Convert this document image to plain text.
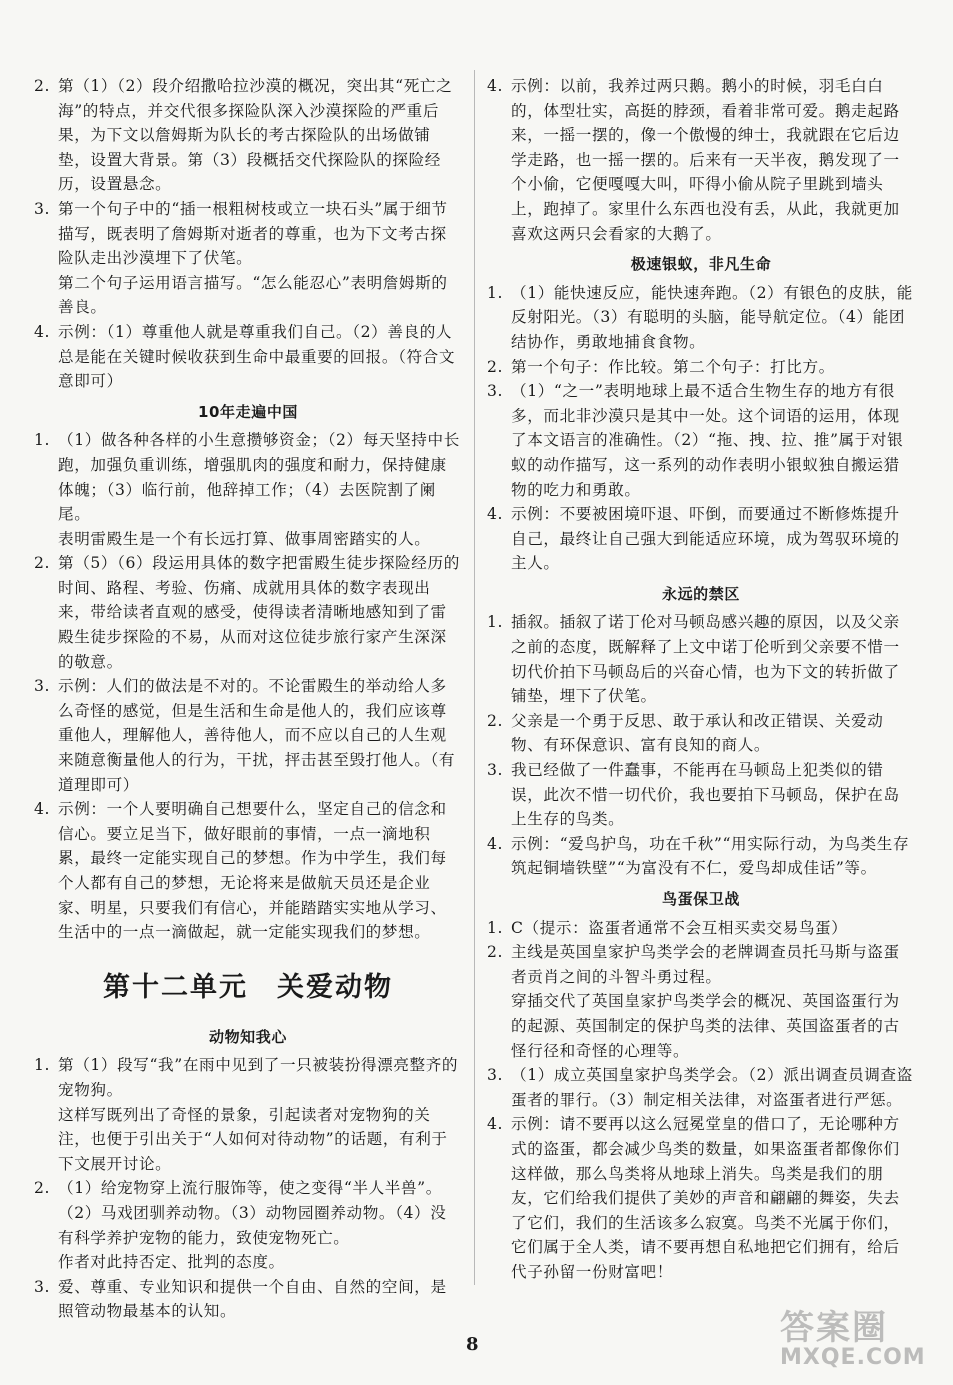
2. 第（1）（2）段介绍撒哈拉沙漠的概况，突出其“死亡之海”的特点，并交代很多探险队深入沙漠探险的严重后果，为下文以詹姆斯为队长的考古探险队的出场做铺垫，设置大背景。第（3）段概括交代探险队的探险经历，设置悬念。

3. 第一个句子中的“插一根粗树枝或立一块石头”属于细节描写，既表明了詹姆斯对逝者的尊重，也为下文考古探险队走出沙漠埋下了伏笔。

第二个句子运用语言描写。“怎么能忍心”表明詹姆斯的善良。

4. 示例：（1）尊重他人就是尊重我们自己。（2）善良的人总是能在关键时候收获到生命中最重要的回报。（符合文意即可）

10年走遍中国

1. （1）做各种各样的小生意攒够资金；（2）每天坚持中长跑，加强负重训练，增强肌肉的强度和耐力，保持健康体魄；（3）临行前，他辞掉工作；（4）去医院割了阑尾。

表明雷殿生是一个有长远打算、做事周密踏实的人。

2. 第（5）（6）段运用具体的数字把雷殿生徒步探险经历的时间、路程、考验、伤痛、成就用具体的数字表现出来，带给读者直观的感受，使得读者清晰地感知到了雷殿生徒步探险的不易，从而对这位徒步旅行家产生深深的敬意。

3. 示例：人们的做法是不对的。不论雷殿生的举动给人多么奇怪的感觉，但是生活和生命是他人的，我们应该尊重他人，理解他人，善待他人，而不应以自己的人生观来随意衡量他人的行为，干扰，抨击甚至毁打他人。（有道理即可）

4. 示例：一个人要明确自己想要什么，坚定自己的信念和信心。要立足当下，做好眼前的事情，一点一滴地积累，最终一定能实现自己的梦想。作为中学生，我们每个人都有自己的梦想，无论将来是做航天员还是企业家、明星，只要我们有信心，并能踏踏实实地从学习、生活中的一点一滴做起，就一定能实现我们的梦想。

第十二单元　关爱动物
动物知我心

1. 第（1）段写“我”在雨中见到了一只被装扮得漂亮整齐的宠物狗。

这样写既列出了奇怪的景象，引起读者对宠物狗的关注，也便于引出关于“人如何对待动物”的话题，有利于下文展开讨论。

2. （1）给宠物穿上流行服饰等，使之变得“半人半兽”。（2）马戏团驯养动物。（3）动物园圈养动物。（4）没有科学养护宠物的能力，致使宠物死亡。

作者对此持否定、批判的态度。

3. 爱、尊重、专业知识和提供一个自由、自然的空间，是照管动物最基本的认知。

4. 示例：以前，我养过两只鹅。鹅小的时候，羽毛白白的，体型壮实，高挺的脖颈，看着非常可爱。鹅走起路来，一摇一摆的，像一个傲慢的绅士，我就跟在它后边学走路，也一摇一摆的。后来有一天半夜，鹅发现了一个小偷，它便嘎嘎大叫，吓得小偷从院子里跳到墙头上，跑掉了。家里什么东西也没有丢，从此，我就更加喜欢这两只会看家的大鹅了。

极速银蚁，非凡生命

1. （1）能快速反应，能快速奔跑。（2）有银色的皮肤，能反射阳光。（3）有聪明的头脑，能导航定位。（4）能团结协作，勇敢地捕食食物。

2. 第一个句子：作比较。第二个句子：打比方。

3. （1）“之一”表明地球上最不适合生物生存的地方有很多，而北非沙漠只是其中一处。这个词语的运用，体现了本文语言的准确性。（2）“拖、拽、拉、推”属于对银蚁的动作描写，这一系列的动作表明小银蚁独自搬运猎物的吃力和勇敢。

4. 示例：不要被困境吓退、吓倒，而要通过不断修炼提升自己，最终让自己强大到能适应环境，成为驾驭环境的主人。

永远的禁区

1. 插叙。插叙了诺丁伦对马顿岛感兴趣的原因，以及父亲之前的态度，既解释了上文中诺丁伦听到父亲要不惜一切代价拍下马顿岛后的兴奋心情，也为下文的转折做了铺垫，埋下了伏笔。

2. 父亲是一个勇于反思、敢于承认和改正错误、关爱动物、有环保意识、富有良知的商人。

3. 我已经做了一件蠢事，不能再在马顿岛上犯类似的错误，此次不惜一切代价，我也要拍下马顿岛，保护在岛上生存的鸟类。

4. 示例：“爱鸟护鸟，功在千秋”“用实际行动，为鸟类生存筑起铜墙铁壁”“为富没有不仁，爱鸟却成佳话”等。

鸟蛋保卫战

1. C（提示：盗蛋者通常不会互相买卖交易鸟蛋）

2. 主线是英国皇家护鸟类学会的老牌调查员托马斯与盗蛋者贡肖之间的斗智斗勇过程。

穿插交代了英国皇家护鸟类学会的概况、英国盗蛋行为的起源、英国制定的保护鸟类的法律、英国盗蛋者的古怪行径和奇怪的心理等。

3. （1）成立英国皇家护鸟类学会。（2）派出调查员调查盗蛋者的罪行。（3）制定相关法律，对盗蛋者进行严惩。

4. 示例：请不要再以这么冠冕堂皇的借口了，无论哪种方式的盗蛋，都会减少鸟类的数量，如果盗蛋者都像你们这样做，那么鸟类将从地球上消失。鸟类是我们的朋友，它们给我们提供了美妙的声音和翩翩的舞姿，失去了它们，我们的生活该多么寂寞。鸟类不光属于你们，它们属于全人类，请不要再想自私地把它们拥有，给后代子孙留一份财富吧！

8	答案圈
MXQE.COM
